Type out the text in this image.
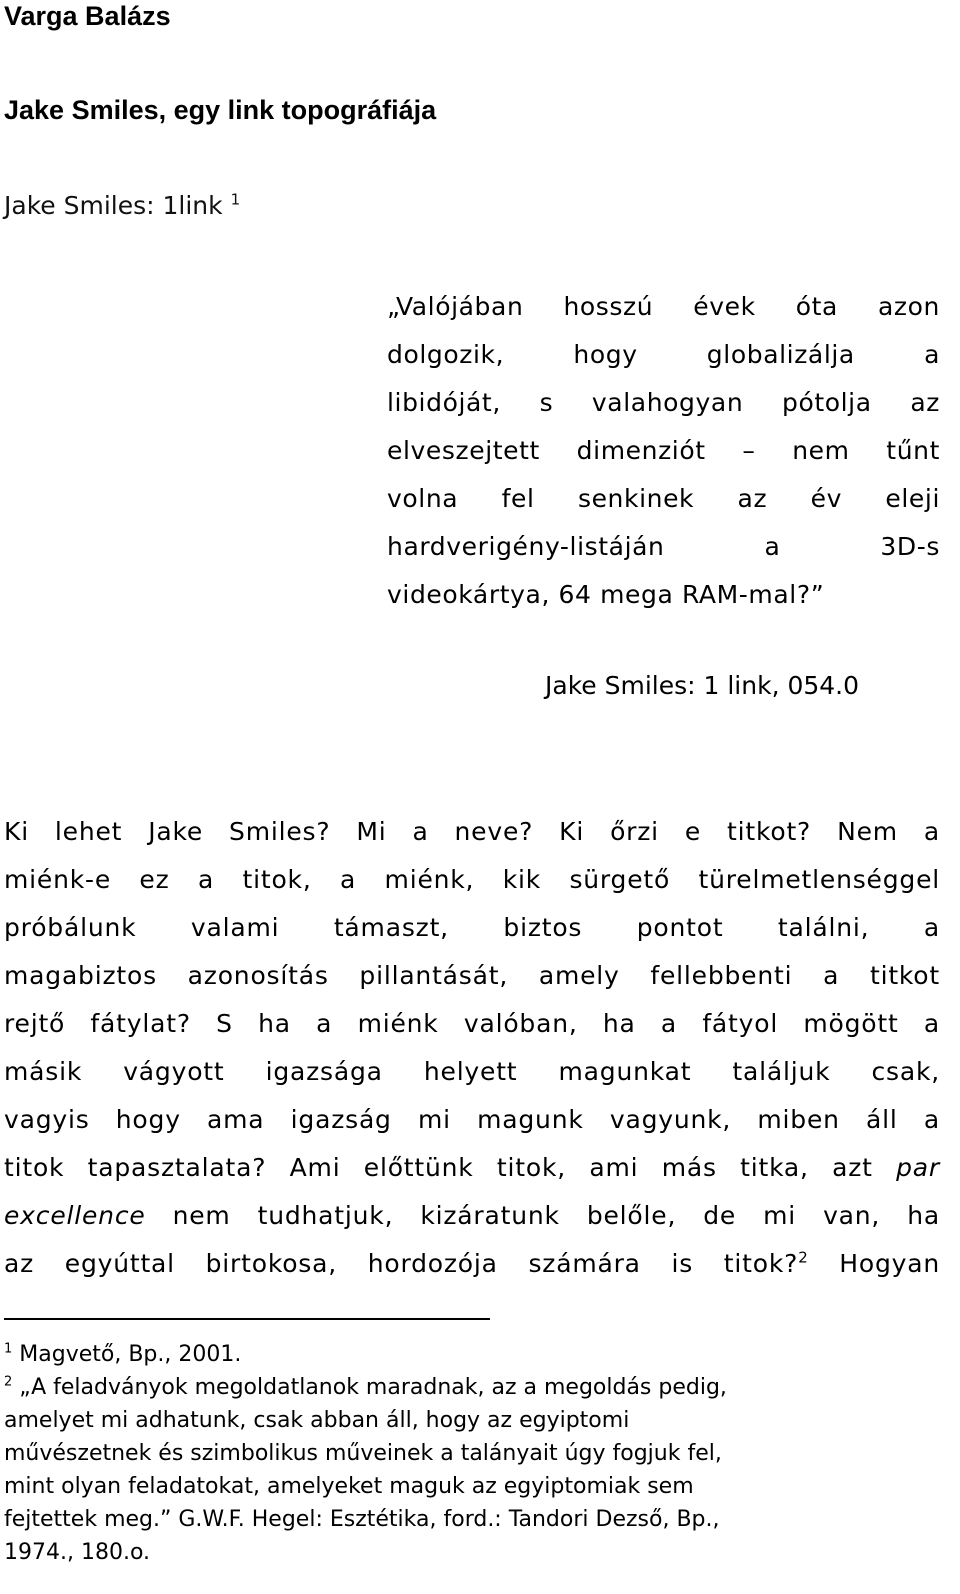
Varga Balázs
Jake Smiles, egy link topográfiája

Jake Smiles: 1link $^1$

„Valójában hosszú évek óta azon
dolgozik, hogy globalizálja a
libidóját, s valahogyan pótolja az
elveszejtett dimenziót – nem tűnt
volna fel senkinek az év eleji
hardverigény-listáján a 3D-s
videokártya, 64 mega RAM-mal?”
Jake Smiles: 1 link, 054.0
Ki lehet Jake Smiles? Mi a neve? Ki őrzi e titkot? Nem a
miénk-e ez a titok, a miénk, kik sürgető türelmetlenséggel
próbálunk valami támaszt, biztos pontot találni, a
magabiztos azonosítás pillantását, amely fellebbenti a titkot
rejtő fátylat? S ha a miénk valóban, ha a fátyol mögött a
másik vágyott igazsága helyett magunkat találjuk csak,
vagyis hogy ama igazság mi magunk vagyunk, miben áll a
titok tapasztalata? Ami előttünk titok, ami más titka, azt par
excellence nem tudhatjuk, kizáratunk belőle, de mi van, ha
az egyúttal birtokosa, hordozója számára is titok?$^2$ Hogyan
$^1$ Magvető, Bp., 2001.
$^2$ „A feladványok megoldatlanok maradnak, az a megoldás pedig,
amelyet mi adhatunk, csak abban áll, hogy az egyiptomi
művészetnek és szimbolikus műveinek a talányait úgy fogjuk fel,
mint olyan feladatokat, amelyeket maguk az egyiptomiak sem
fejtettek meg.” G.W.F. Hegel: Esztétika, ford.: Tandori Dezső, Bp.,
1974., 180.o.
